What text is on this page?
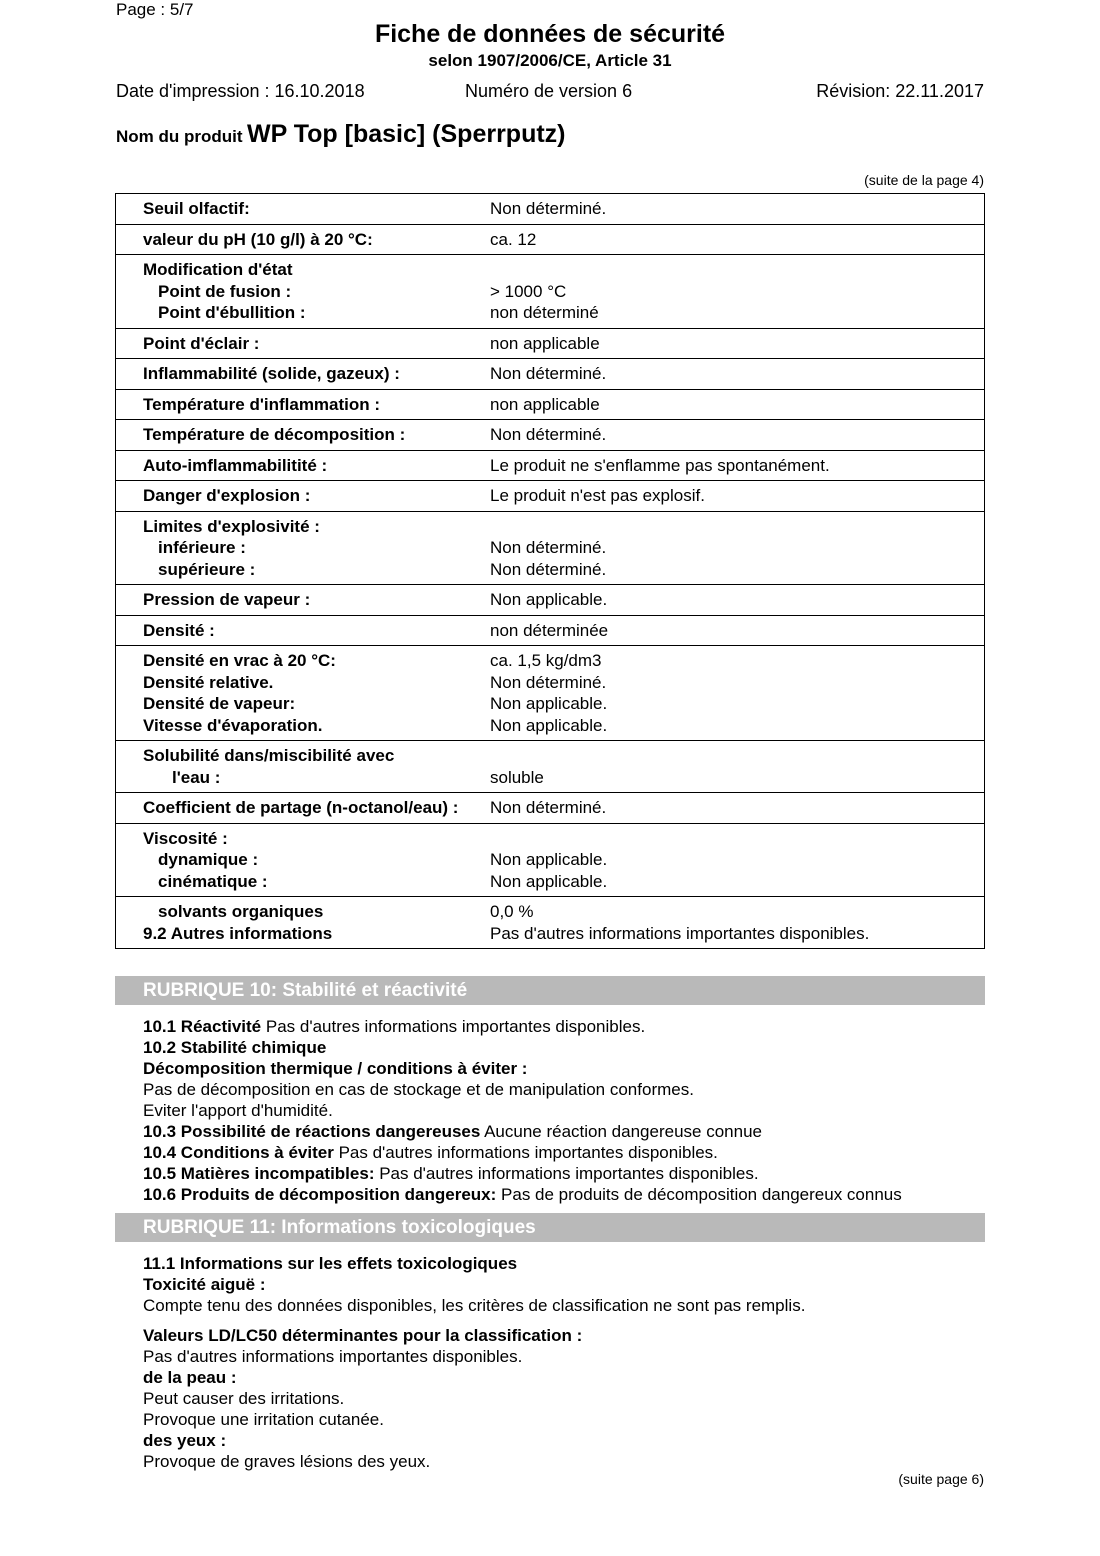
Page : 5/7
Fiche de données de sécurité
selon 1907/2006/CE, Article 31
Date d'impression : 16.10.2018	Numéro de version 6	Révision: 22.11.2017
Nom du produit WP Top [basic] (Sperrputz)
(suite de la page 4)
Seuil olfactif:	Non déterminé.
valeur du pH (10 g/l) à 20 °C:	ca. 12
Modification d'état
Point de fusion :	> 1000 °C
Point d'ébullition :	non déterminé
Point d'éclair :	non applicable
Inflammabilité (solide, gazeux) :	Non déterminé.
Température d'inflammation :	non applicable
Température de décomposition :	Non déterminé.
Auto-imflammabilitité :	Le produit ne s'enflamme pas spontanément.
Danger d'explosion :	Le produit n'est pas explosif.
Limites d'explosivité :
inférieure :	Non déterminé.
supérieure :	Non déterminé.
Pression de vapeur :	Non applicable.
Densité :	non déterminée
Densité en vrac à 20 °C:	ca. 1,5 kg/dm3
Densité relative.	Non déterminé.
Densité de vapeur:	Non applicable.
Vitesse d'évaporation.	Non applicable.
Solubilité dans/miscibilité avec
l'eau :	soluble
Coefficient de partage (n-octanol/eau) :	Non déterminé.
Viscosité :
dynamique :	Non applicable.
cinématique :	Non applicable.
solvants organiques	0,0 %
9.2 Autres informations	Pas d'autres informations importantes disponibles.
RUBRIQUE 10: Stabilité et réactivité
10.1 Réactivité Pas d'autres informations importantes disponibles.
10.2 Stabilité chimique
Décomposition thermique / conditions à éviter :
Pas de décomposition en cas de stockage et de manipulation conformes.
Eviter l'apport d'humidité.
10.3 Possibilité de réactions dangereuses Aucune réaction dangereuse connue
10.4 Conditions à éviter Pas d'autres informations importantes disponibles.
10.5 Matières incompatibles: Pas d'autres informations importantes disponibles.
10.6 Produits de décomposition dangereux: Pas de produits de décomposition dangereux connus
RUBRIQUE 11: Informations toxicologiques
11.1 Informations sur les effets toxicologiques
Toxicité aiguë :
Compte tenu des données disponibles, les critères de classification ne sont pas remplis.
Valeurs LD/LC50 déterminantes pour la classification :
Pas d'autres informations importantes disponibles.
de la peau :
Peut causer des irritations.
Provoque une irritation cutanée.
des yeux :
Provoque de graves lésions des yeux.
(suite page 6)
